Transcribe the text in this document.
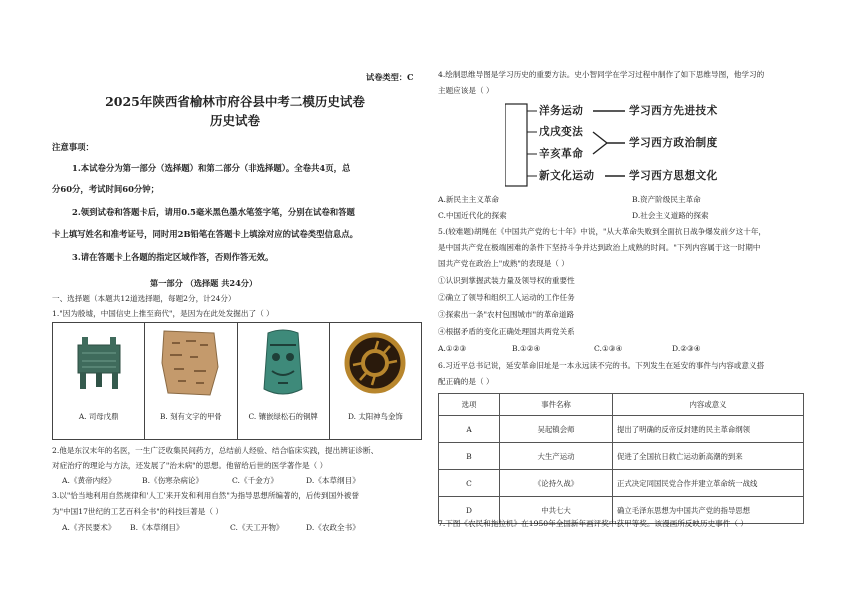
试卷类型：C
2025年陕西省榆林市府谷县中考二模历史试卷
历史试卷
注意事项：
1.本试卷分为第一部分（选择题）和第二部分（非选择题）。全卷共4页，总
分60分，考试时间60分钟；
2.领到试卷和答题卡后，请用0.5毫米黑色墨水笔签字笔，分别在试卷和答题
卡上填写姓名和准考证号，同时用2B铅笔在答题卡上填涂对应的试卷类型信息点。
3.请在答题卡上各题的指定区域作答，否则作答无效。
第一部分 （选择题 共24分）
一、选择题（本题共12道选择题，每题2分，计24分）
1."因为殷墟，中国信史上推至商代"，是因为在此处发掘出了（ ）
A. 司母戊鼎	B. 刻有文字的甲骨	C. 镶嵌绿松石的铜牌	D. 太阳神鸟金饰
2.他是东汉末年的名医，一生广泛收集民间药方，总结前人经验、结合临床实践，提出辨证诊断、
对症治疗的理论与方法，还发展了"治未病"的思想。他留给后世的医学著作是（ ）
A.《黄帝内经》	B.《伤寒杂病论》	C.《千金方》	D.《本草纲目》
3.以"恰当地利用自然规律和'人工'来开发和利用自然"为指导思想所编著的，后传到国外被誉
为"中国17世纪的工艺百科全书"的科技巨著是（ ）
A.《齐民要术》 B.《本草纲目》	C.《天工开物》	D.《农政全书》
4.绘制思维导图是学习历史的重要方法。史小智同学在学习过程中制作了如下思维导图，他学习的
主题应该是（ ）
洋务运动
戊戌变法
辛亥革命
新文化运动
学习西方先进技术
学习西方政治制度
学习西方思想文化
A.新民主主义革命	B.资产阶级民主革命
C.中国近代化的探索	D.社会主义道路的探索
5.(较难题)胡绳在《中国共产党的七十年》中说，"从大革命失败到全面抗日战争爆发前夕这十年，
是中国共产党在极端困难的条件下坚持斗争并达到政治上成熟的时间。"下列内容属于这一时期中
国共产党在政治上"成熟"的表现是（ ）
①认识到掌握武装力量及领导权的重要性
②确立了领导和组织工人运动的工作任务
③探索出一条"农村包围城市"的革命道路
④根据矛盾的变化正确处理国共两党关系
A.①②③	B.①②④	C.①③④	D.②③④
6.习近平总书记说，延安革命旧址是一本永远读不完的书。下列发生在延安的事件与内容或意义搭
配正确的是（ ）
选项	事件名称	内容或意义
A	吴起镇会师	提出了明确的反帝反封建的民主革命纲领
B	大生产运动	促进了全国抗日救亡运动新高潮的到来
C	《论持久战》	正式决定同国民党合作并建立革命统一战线
D	中共七大	确立毛泽东思想为中国共产党的指导思想
7.下图《农民和拖拉机》在1950年全国新年画评奖中获甲等奖。该漫画所反映历史事件（ ）
